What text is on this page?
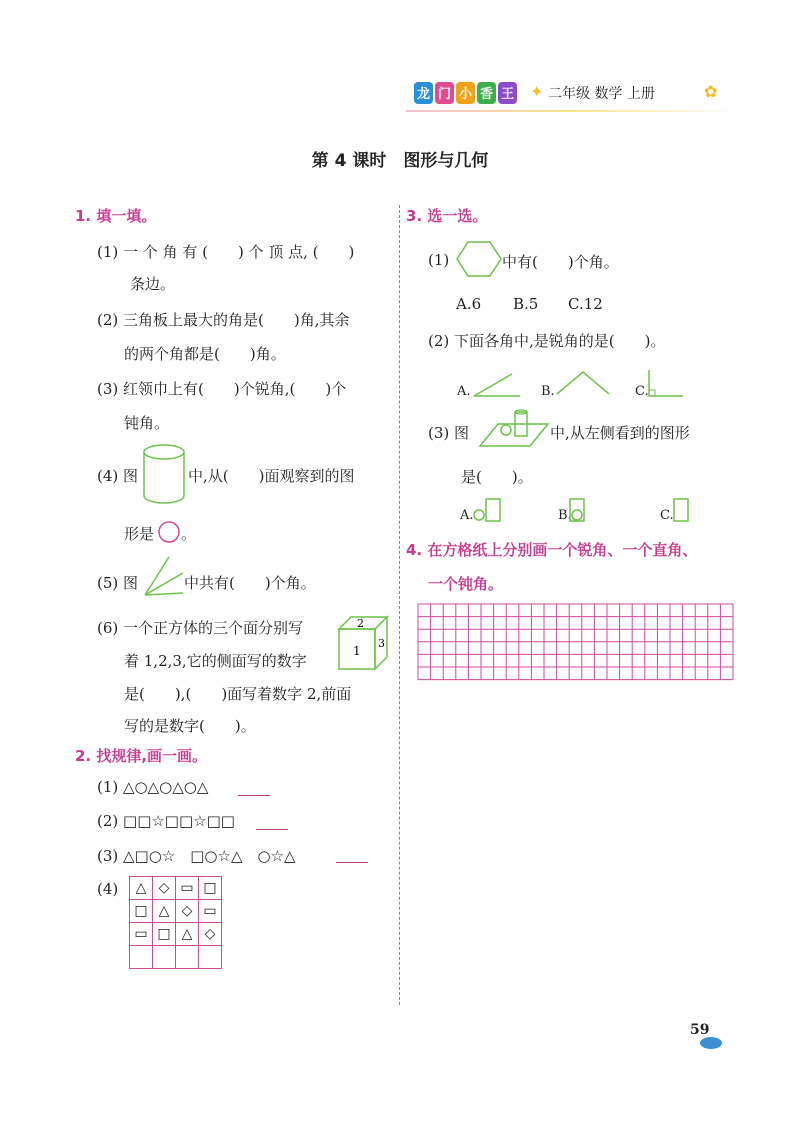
龙 门 小 香 王 ✦ 二年级 数学 上册	✿
第 4 课时　图形与几何
1. 填一填。
(1) 一 个 角 有 (　　) 个 顶 点, (　　)
条边。
(2) 三角板上最大的角是(　　)角,其余
的两个角都是(　　)角。
(3) 红领巾上有(　　)个锐角,(　　)个
钝角。
(4) 图	中,从(　　)面观察到的图
形是 。
(5) 图	中共有(　　)个角。
(6) 一个正方体的三个面分别写
着 1,2,3,它的侧面写的数字
是(　　),(　　)面写着数字 2,前面
写的是数字(　　)。
2
1
3
2. 找规律,画一画。
(1) △○△○△○△
(2) □□☆□□☆□□
(3) △□○☆　□○☆△　○☆△
(4) △	◇	▭	□
□	△	◇	▭
▭	□	△	◇

3. 选一选。
(1)	中有(　　)个角。
A.6 B.5 C.12
(2) 下面各角中,是锐角的是(　　)。
A.	B.	C.
(3) 图	中,从左侧看到的图形
是(　　)。
A.	B.	C.
4. 在方格纸上分别画一个锐角、一个直角、
一个钝角。
59
